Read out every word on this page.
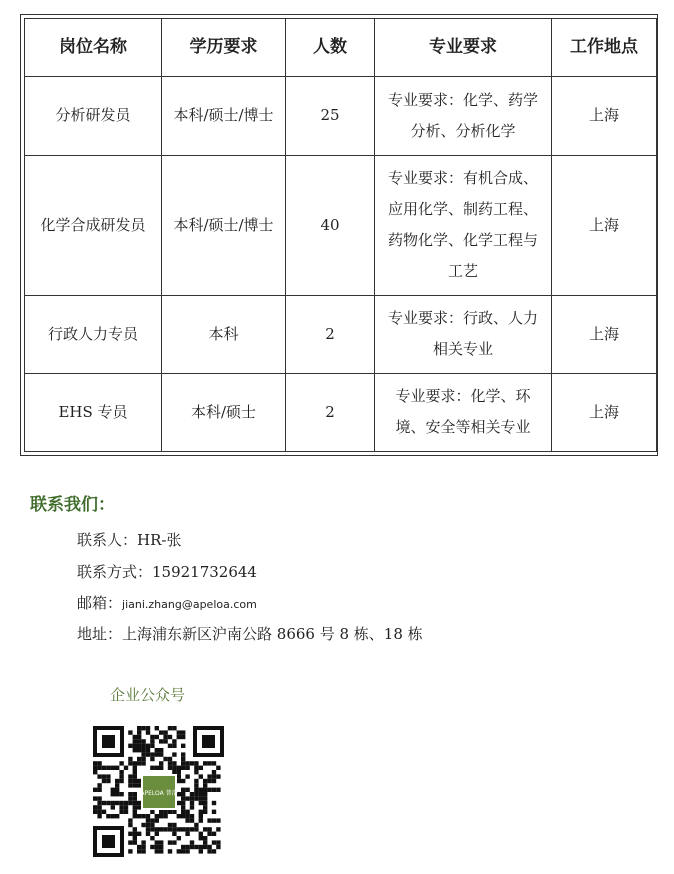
岗位名称	学历要求	人数	专业要求	工作地点
分析研发员	本科/硕士/博士	25	专业要求：化学、药学分析、分析化学	上海
化学合成研发员	本科/硕士/博士	40	专业要求：有机合成、应用化学、制药工程、药物化学、化学工程与工艺	上海
行政人力专员	本科	2	专业要求：行政、人力相关专业	上海
EHS 专员	本科/硕士	2	专业要求：化学、环境、安全等相关专业	上海
联系我们：
联系人：HR-张
联系方式：15921732644
邮箱：jiani.zhang@apeloa.com
地址：上海浦东新区沪南公路 8666 号 8 栋、18 栋
企业公众号
APELOA 普洛
